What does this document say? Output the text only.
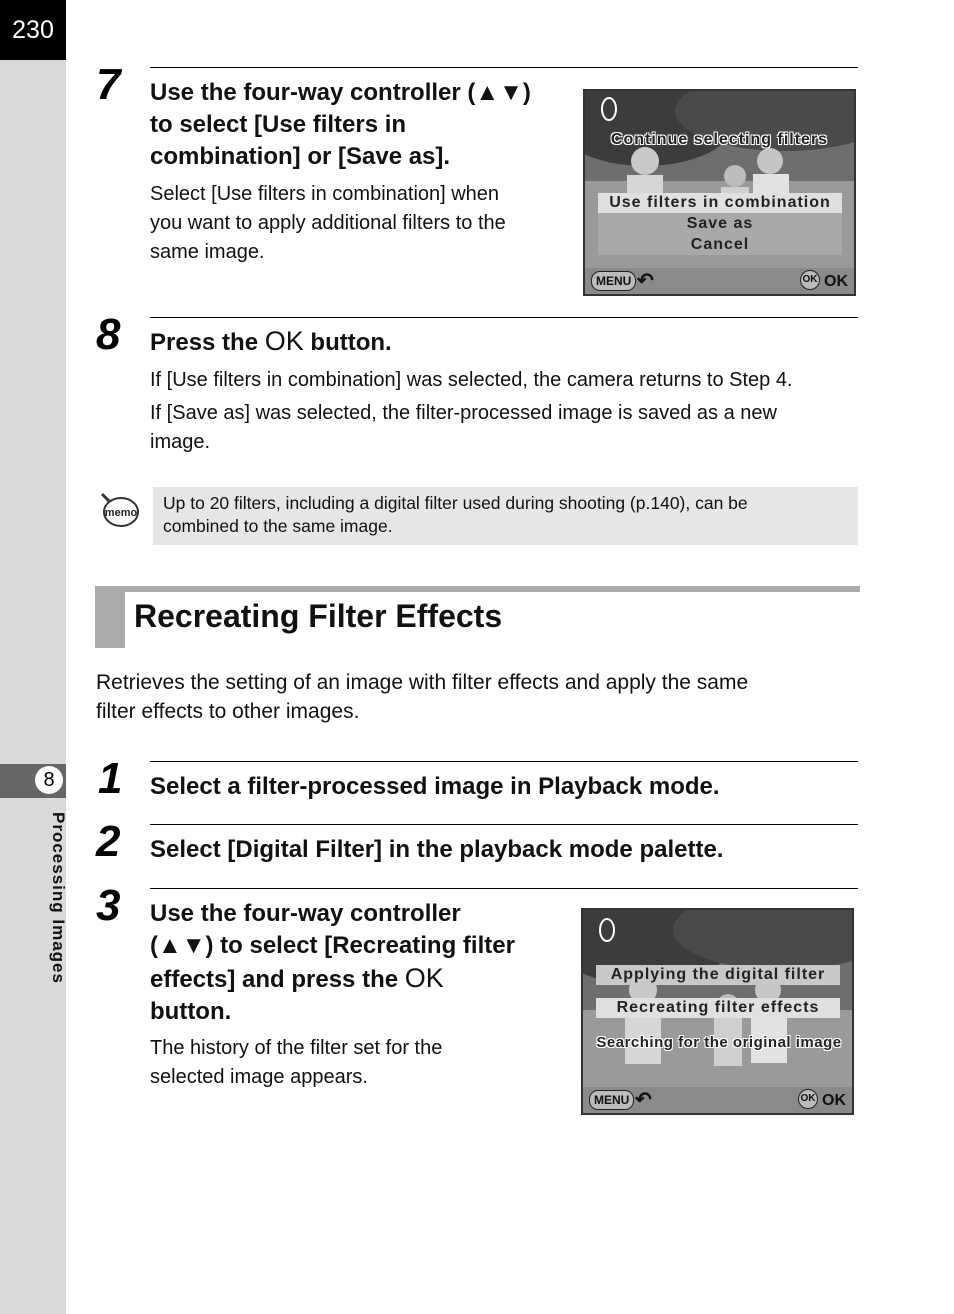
230
8
Processing Images
7 Use the four-way controller (▲▼)
to select [Use filters in
combination] or [Save as].
Select [Use filters in combination] when
you want to apply additional filters to the
same image.
Continue selecting filters
Use filters in combination
Save as
Cancel
MENU ↶	OK OK
8 Press the OK button.
If [Use filters in combination] was selected, the camera returns to Step 4.
If [Save as] was selected, the filter-processed image is saved as a new
image.
memo Up to 20 filters, including a digital filter used during shooting (p.140), can be
combined to the same image.
Recreating Filter Effects
Retrieves the setting of an image with filter effects and apply the same
filter effects to other images.
1 Select a filter-processed image in Playback mode.
2 Select [Digital Filter] in the playback mode palette.
3 Use the four-way controller
(▲▼) to select [Recreating filter
effects] and press the OK
button.
The history of the filter set for the
selected image appears.
Applying the digital filter
Recreating filter effects
Searching for the original image
MENU ↶	OK OK
